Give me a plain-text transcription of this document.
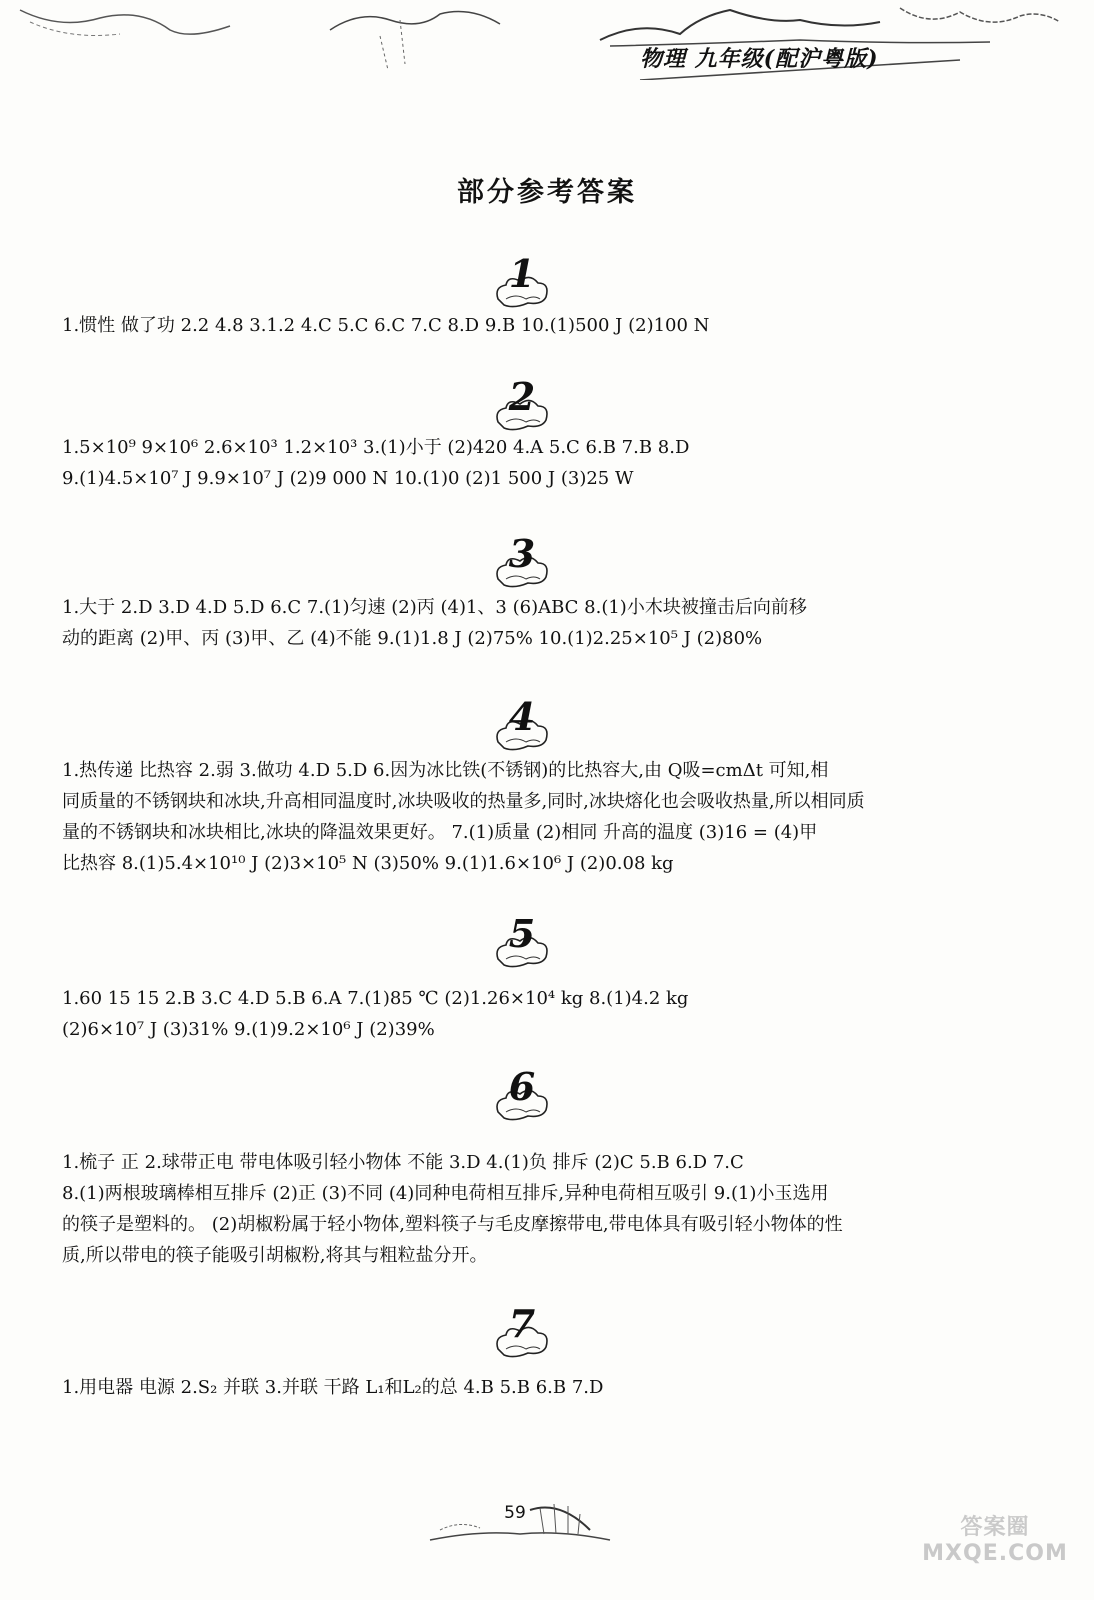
物理 九年级(配沪粤版)
部分参考答案
1
1.惯性 做了功 2.2 4.8 3.1.2 4.C 5.C 6.C 7.C 8.D 9.B 10.(1)500 J (2)100 N
2
1.5×10⁹ 9×10⁶ 2.6×10³ 1.2×10³ 3.(1)小于 (2)420 4.A 5.C 6.B 7.B 8.D
9.(1)4.5×10⁷ J 9.9×10⁷ J (2)9 000 N 10.(1)0 (2)1 500 J (3)25 W
3
1.大于 2.D 3.D 4.D 5.D 6.C 7.(1)匀速 (2)丙 (4)1、3 (6)ABC 8.(1)小木块被撞击后向前移
动的距离 (2)甲、丙 (3)甲、乙 (4)不能 9.(1)1.8 J (2)75% 10.(1)2.25×10⁵ J (2)80%
4
1.热传递 比热容 2.弱 3.做功 4.D 5.D 6.因为冰比铁(不锈钢)的比热容大,由 Q吸=cmΔt 可知,相
同质量的不锈钢块和冰块,升高相同温度时,冰块吸收的热量多,同时,冰块熔化也会吸收热量,所以相同质
量的不锈钢块和冰块相比,冰块的降温效果更好。 7.(1)质量 (2)相同 升高的温度 (3)16 = (4)甲
比热容 8.(1)5.4×10¹⁰ J (2)3×10⁵ N (3)50% 9.(1)1.6×10⁶ J (2)0.08 kg
5
1.60 15 15 2.B 3.C 4.D 5.B 6.A 7.(1)85 ℃ (2)1.26×10⁴ kg 8.(1)4.2 kg
(2)6×10⁷ J (3)31% 9.(1)9.2×10⁶ J (2)39%
6
1.梳子 正 2.球带正电 带电体吸引轻小物体 不能 3.D 4.(1)负 排斥 (2)C 5.B 6.D 7.C
8.(1)两根玻璃棒相互排斥 (2)正 (3)不同 (4)同种电荷相互排斥,异种电荷相互吸引 9.(1)小玉选用
的筷子是塑料的。 (2)胡椒粉属于轻小物体,塑料筷子与毛皮摩擦带电,带电体具有吸引轻小物体的性
质,所以带电的筷子能吸引胡椒粉,将其与粗粒盐分开。
7
1.用电器 电源 2.S₂ 并联 3.并联 干路 L₁和L₂的总 4.B 5.B 6.B 7.D
59
答案圈 MXQE.COM
